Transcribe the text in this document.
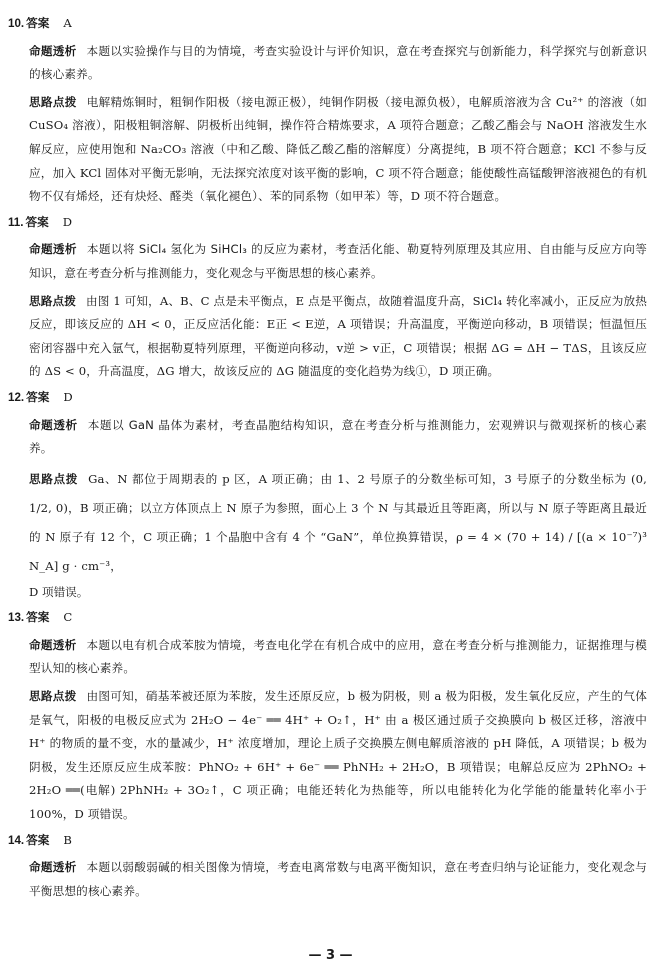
10. 答案 A
命题透析 本题以实验操作与目的为情境，考查实验设计与评价知识，意在考查探究与创新能力，科学探究与创新意识的核心素养。
思路点拨 电解精炼铜时，粗铜作阳极（接电源正极），纯铜作阴极（接电源负极），电解质溶液为含 Cu²⁺ 的溶液（如 CuSO₄ 溶液），阳极粗铜溶解、阴极析出纯铜，操作符合精炼要求，A 项符合题意；乙酸乙酯会与 NaOH 溶液发生水解反应，应使用饱和 Na₂CO₃ 溶液（中和乙酸、降低乙酸乙酯的溶解度）分离提纯，B 项不符合题意；KCl 不参与反应，加入 KCl 固体对平衡无影响，无法探究浓度对该平衡的影响，C 项不符合题意；能使酸性高锰酸钾溶液褪色的有机物不仅有烯烃，还有炔烃、醛类（氧化褪色）、苯的同系物（如甲苯）等，D 项不符合题意。
11. 答案 D
命题透析 本题以将 SiCl₄ 氢化为 SiHCl₃ 的反应为素材，考查活化能、勒夏特列原理及其应用、自由能与反应方向等知识，意在考查分析与推测能力，变化观念与平衡思想的核心素养。
思路点拨 由图 1 可知，A、B、C 点是未平衡点，E 点是平衡点，故随着温度升高，SiCl₄ 转化率减小，正反应为放热反应，即该反应的 ΔH < 0，正反应活化能：E正 < E逆，A 项错误；升高温度，平衡逆向移动，B 项错误；恒温恒压密闭容器中充入氩气，根据勒夏特列原理，平衡逆向移动，v逆 > v正，C 项错误；根据 ΔG = ΔH − TΔS，且该反应的 ΔS < 0，升高温度，ΔG 增大，故该反应的 ΔG 随温度的变化趋势为线①，D 项正确。
12. 答案 D
命题透析 本题以 GaN 晶体为素材，考查晶胞结构知识，意在考查分析与推测能力，宏观辨识与微观探析的核心素养。
思路点拨 Ga、N 都位于周期表的 p 区，A 项正确；由 1、2 号原子的分数坐标可知，3 号原子的分数坐标为 (0, 1/2, 0)，B 项正确；以立方体顶点上 N 原子为参照，面心上 3 个 N 与其最近且等距离，所以与 N 原子等距离且最近的 N 原子有 12 个，C 项正确；1 个晶胞中含有 4 个 “GaN”，单位换算错误，ρ = 4 × (70 + 14) / [(a × 10⁻⁷)³ N_A] g · cm⁻³，
D 项错误。
13. 答案 C
命题透析 本题以电有机合成苯胺为情境，考查电化学在有机合成中的应用，意在考查分析与推测能力，证据推理与模型认知的核心素养。
思路点拨 由图可知，硝基苯被还原为苯胺，发生还原反应，b 极为阴极，则 a 极为阳极，发生氧化反应，产生的气体是氧气，阳极的电极反应式为 2H₂O − 4e⁻ ══ 4H⁺ + O₂↑，H⁺ 由 a 极区通过质子交换膜向 b 极区迁移，溶液中 H⁺ 的物质的量不变，水的量减少，H⁺ 浓度增加，理论上质子交换膜左侧电解质溶液的 pH 降低，A 项错误；b 极为阴极，发生还原反应生成苯胺：PhNO₂ + 6H⁺ + 6e⁻ ══ PhNH₂ + 2H₂O，B 项错误；电解总反应为 2PhNO₂ + 2H₂O ══(电解) 2PhNH₂ + 3O₂↑，C 项正确；电能还转化为热能等，所以电能转化为化学能的能量转化率小于 100%，D 项错误。
14. 答案 B
命题透析 本题以弱酸弱碱的相关图像为情境，考查电离常数与电离平衡知识，意在考查归纳与论证能力，变化观念与平衡思想的核心素养。
— 3 —
